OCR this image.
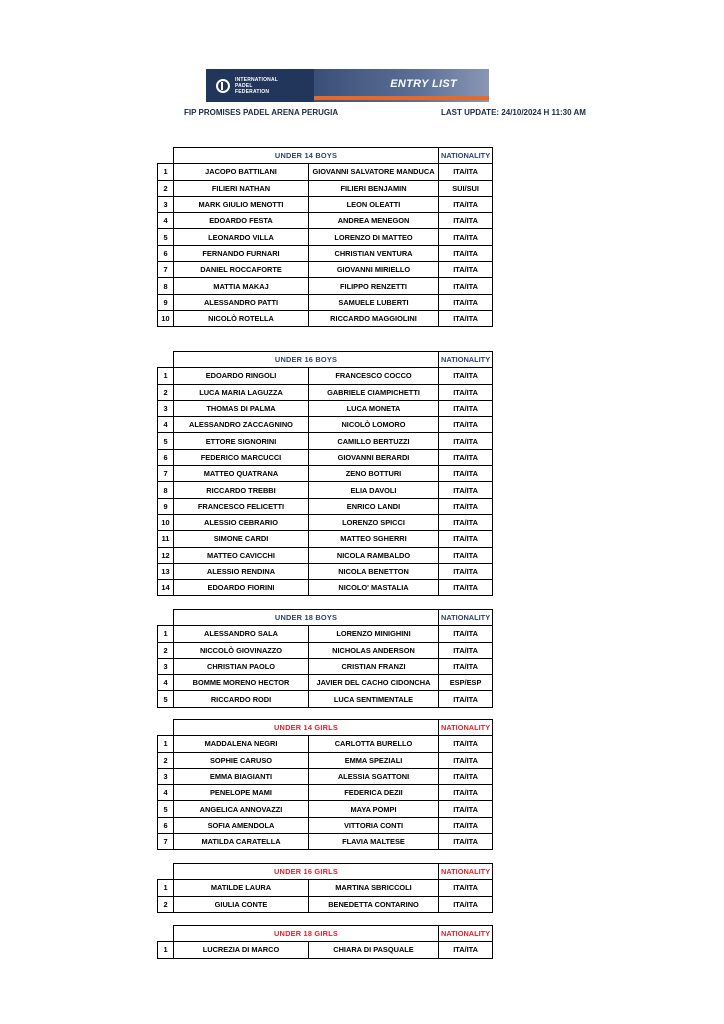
INTERNATIONAL
PADEL
FEDERATION
ENTRY LIST
FIP PROMISES PADEL ARENA PERUGIA	LAST UPDATE: 24/10/2024 H 11:30 AM
	UNDER 14 BOYS		NATIONALITY
1	JACOPO BATTILANI	GIOVANNI SALVATORE MANDUCA	ITA/ITA
2	FILIERI NATHAN	FILIERI BENJAMIN	SUI/SUI
3	MARK GIULIO MENOTTI	LEON OLEATTI	ITA/ITA
4	EDOARDO FESTA	ANDREA MENEGON	ITA/ITA
5	LEONARDO VILLA	LORENZO DI MATTEO	ITA/ITA
6	FERNANDO FURNARI	CHRISTIAN VENTURA	ITA/ITA
7	DANIEL ROCCAFORTE	GIOVANNI MIRIELLO	ITA/ITA
8	MATTIA MAKAJ	FILIPPO RENZETTI	ITA/ITA
9	ALESSANDRO PATTI	SAMUELE LUBERTI	ITA/ITA
10	NICOLÒ ROTELLA	RICCARDO MAGGIOLINI	ITA/ITA
	UNDER 16 BOYS		NATIONALITY
1	EDOARDO RINGOLI	FRANCESCO COCCO	ITA/ITA
2	LUCA MARIA LAGUZZA	GABRIELE CIAMPICHETTI	ITA/ITA
3	THOMAS DI PALMA	LUCA MONETA	ITA/ITA
4	ALESSANDRO ZACCAGNINO	NICOLÒ LOMORO	ITA/ITA
5	ETTORE SIGNORINI	CAMILLO BERTUZZI	ITA/ITA
6	FEDERICO MARCUCCI	GIOVANNI BERARDI	ITA/ITA
7	MATTEO QUATRANA	ZENO BOTTURI	ITA/ITA
8	RICCARDO TREBBI	ELIA DAVOLI	ITA/ITA
9	FRANCESCO FELICETTI	ENRICO LANDI	ITA/ITA
10	ALESSIO CEBRARIO	LORENZO SPICCI	ITA/ITA
11	SIMONE CARDI	MATTEO SGHERRI	ITA/ITA
12	MATTEO CAVICCHI	NICOLA RAMBALDO	ITA/ITA
13	ALESSIO RENDINA	NICOLA BENETTON	ITA/ITA
14	EDOARDO FIORINI	NICOLO' MASTALIA	ITA/ITA
	UNDER 18 BOYS		NATIONALITY
1	ALESSANDRO SALA	LORENZO MINIGHINI	ITA/ITA
2	NICCOLÒ GIOVINAZZO	NICHOLAS ANDERSON	ITA/ITA
3	CHRISTIAN PAOLO	CRISTIAN FRANZI	ITA/ITA
4	BOMME MORENO HECTOR	JAVIER DEL CACHO CIDONCHA	ESP/ESP
5	RICCARDO RODI	LUCA SENTIMENTALE	ITA/ITA
	UNDER 14 GIRLS		NATIONALITY
1	MADDALENA NEGRI	CARLOTTA BURELLO	ITA/ITA
2	SOPHIE CARUSO	EMMA SPEZIALI	ITA/ITA
3	EMMA BIAGIANTI	ALESSIA SGATTONI	ITA/ITA
4	PENELOPE MAMI	FEDERICA DEZII	ITA/ITA
5	ANGELICA ANNOVAZZI	MAYA POMPI	ITA/ITA
6	SOFIA AMENDOLA	VITTORIA CONTI	ITA/ITA
7	MATILDA CARATELLA	FLAVIA MALTESE	ITA/ITA
	UNDER 16 GIRLS		NATIONALITY
1	MATILDE LAURA	MARTINA SBRICCOLI	ITA/ITA
2	GIULIA CONTE	BENEDETTA CONTARINO	ITA/ITA
	UNDER 18 GIRLS		NATIONALITY
1	LUCREZIA DI MARCO	CHIARA DI PASQUALE	ITA/ITA
